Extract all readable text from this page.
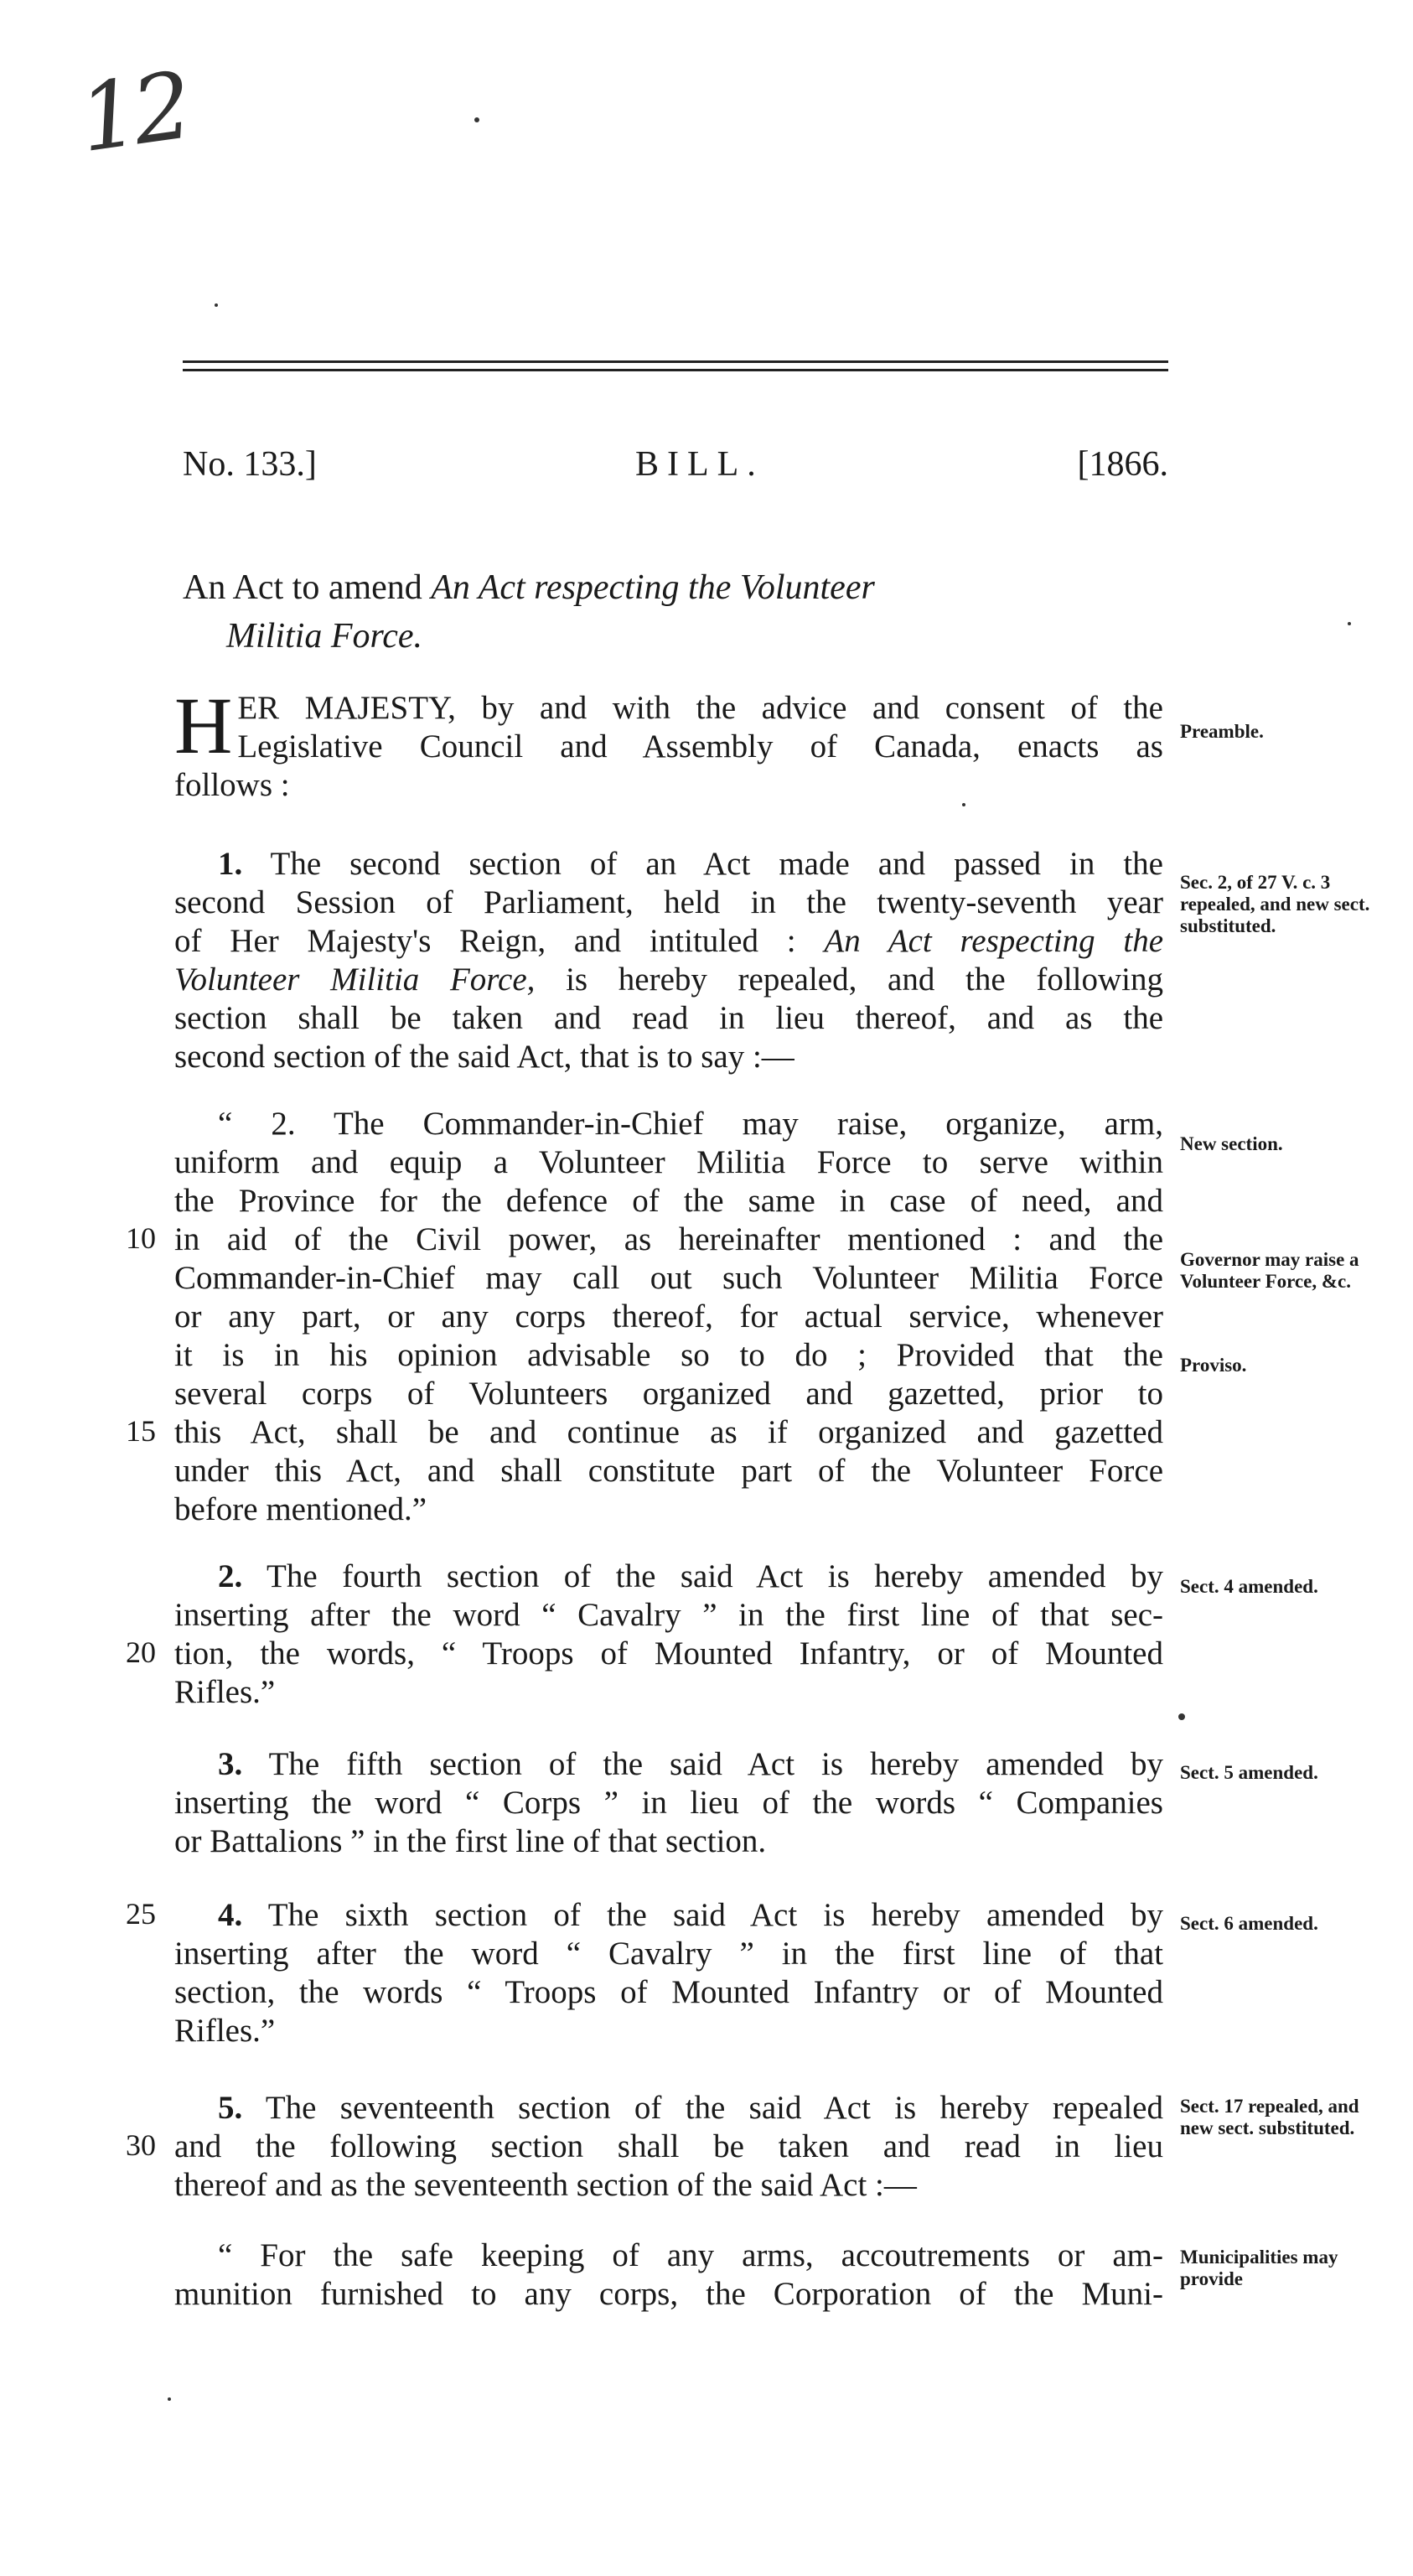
12
No. 133.]	BILL.	[1866.
An Act to amend An Act respecting the Volunteer
Militia Force.
H ER MAJESTY, by and with the advice and consent of the
Legislative Council and Assembly of Canada, enacts as
follows :
Preamble.
1. The second section of an Act made and passed in the
second Session of Parliament, held in the twenty-seventh year
of Her Majesty's Reign, and intituled : An Act respecting the
Volunteer Militia Force, is hereby repealed, and the following
section shall be taken and read in lieu thereof, and as the
second section of the said Act, that is to say :—
Sec. 2, of 27 V. c. 3 repealed, and new sect. substituted.
“ 2. The Commander-in-Chief may raise, organize, arm,
uniform and equip a Volunteer Militia Force to serve within
the Province for the defence of the same in case of need, and
in aid of the Civil power, as hereinafter mentioned : and the
Commander-in-Chief may call out such Volunteer Militia Force
or any part, or any corps thereof, for actual service, whenever
it is in his opinion advisable so to do ; Provided that the
several corps of Volunteers organized and gazetted, prior to
this Act, shall be and continue as if organized and gazetted
under this Act, and shall constitute part of the Volunteer Force
before mentioned.”
New section.
Governor may raise a Volunteer Force, &c.
Proviso.
2. The fourth section of the said Act is hereby amended by
inserting after the word “ Cavalry ” in the first line of that sec-
tion, the words, “ Troops of Mounted Infantry, or of Mounted
Rifles.”
Sect. 4 amended.
3. The fifth section of the said Act is hereby amended by
inserting the word “ Corps ” in lieu of the words “ Companies
or Battalions ” in the first line of that section.
Sect. 5 amended.
4. The sixth section of the said Act is hereby amended by
inserting after the word “ Cavalry ” in the first line of that
section, the words “ Troops of Mounted Infantry or of Mounted
Rifles.”
Sect. 6 amended.
5. The seventeenth section of the said Act is hereby repealed
and the following section shall be taken and read in lieu
thereof and as the seventeenth section of the said Act :—
Sect. 17 repealed, and new sect. substituted.
“ For the safe keeping of any arms, accoutrements or am-
munition furnished to any corps, the Corporation of the Muni-
Municipalities may provide
10
15
20
25
30
